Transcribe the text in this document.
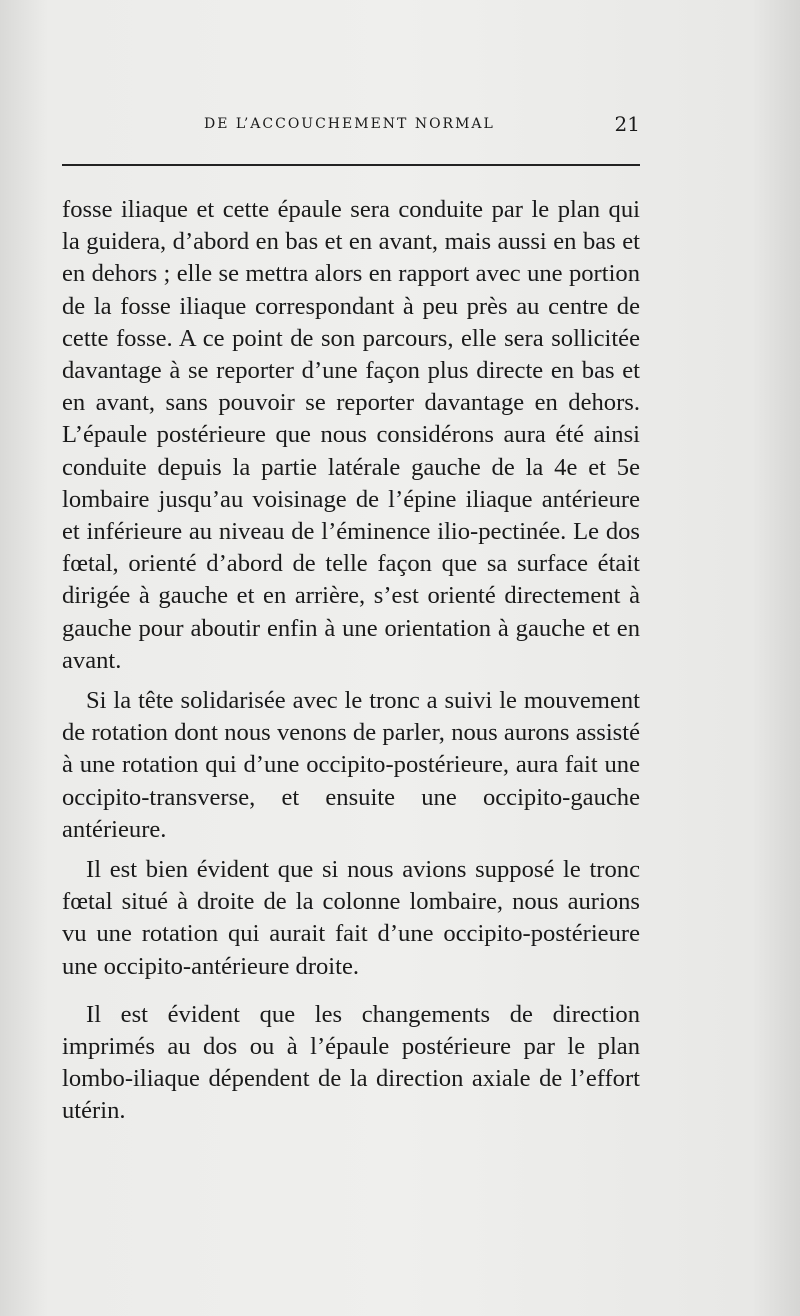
DE L’ACCOUCHEMENT NORMAL	21

fosse iliaque et cette épaule sera conduite par le plan qui la guidera, d’abord en bas et en avant, mais aussi en bas et en dehors ; elle se mettra alors en rapport avec une portion de la fosse iliaque correspondant à peu près au centre de cette fosse. A ce point de son parcours, elle sera sollicitée davantage à se reporter d’une façon plus directe en bas et en avant, sans pouvoir se reporter davantage en dehors. L’épaule postérieure que nous considérons aura été ainsi conduite depuis la partie latérale gauche de la 4e et 5e lombaire jusqu’au voisinage de l’épine iliaque antérieure et inférieure au niveau de l’éminence ilio-pectinée. Le dos fœtal, orienté d’abord de telle façon que sa surface était dirigée à gauche et en arrière, s’est orienté directement à gauche pour aboutir enfin à une orientation à gauche et en avant.

Si la tête solidarisée avec le tronc a suivi le mouvement de rotation dont nous venons de parler, nous aurons assisté à une rotation qui d’une occipito-postérieure, aura fait une occipito-transverse, et ensuite une occipito-gauche antérieure.

Il est bien évident que si nous avions supposé le tronc fœtal situé à droite de la colonne lombaire, nous aurions vu une rotation qui aurait fait d’une occipito-postérieure une occipito-antérieure droite.

Il est évident que les changements de direction imprimés au dos ou à l’épaule postérieure par le plan lombo-iliaque dépendent de la direction axiale de l’effort utérin.
